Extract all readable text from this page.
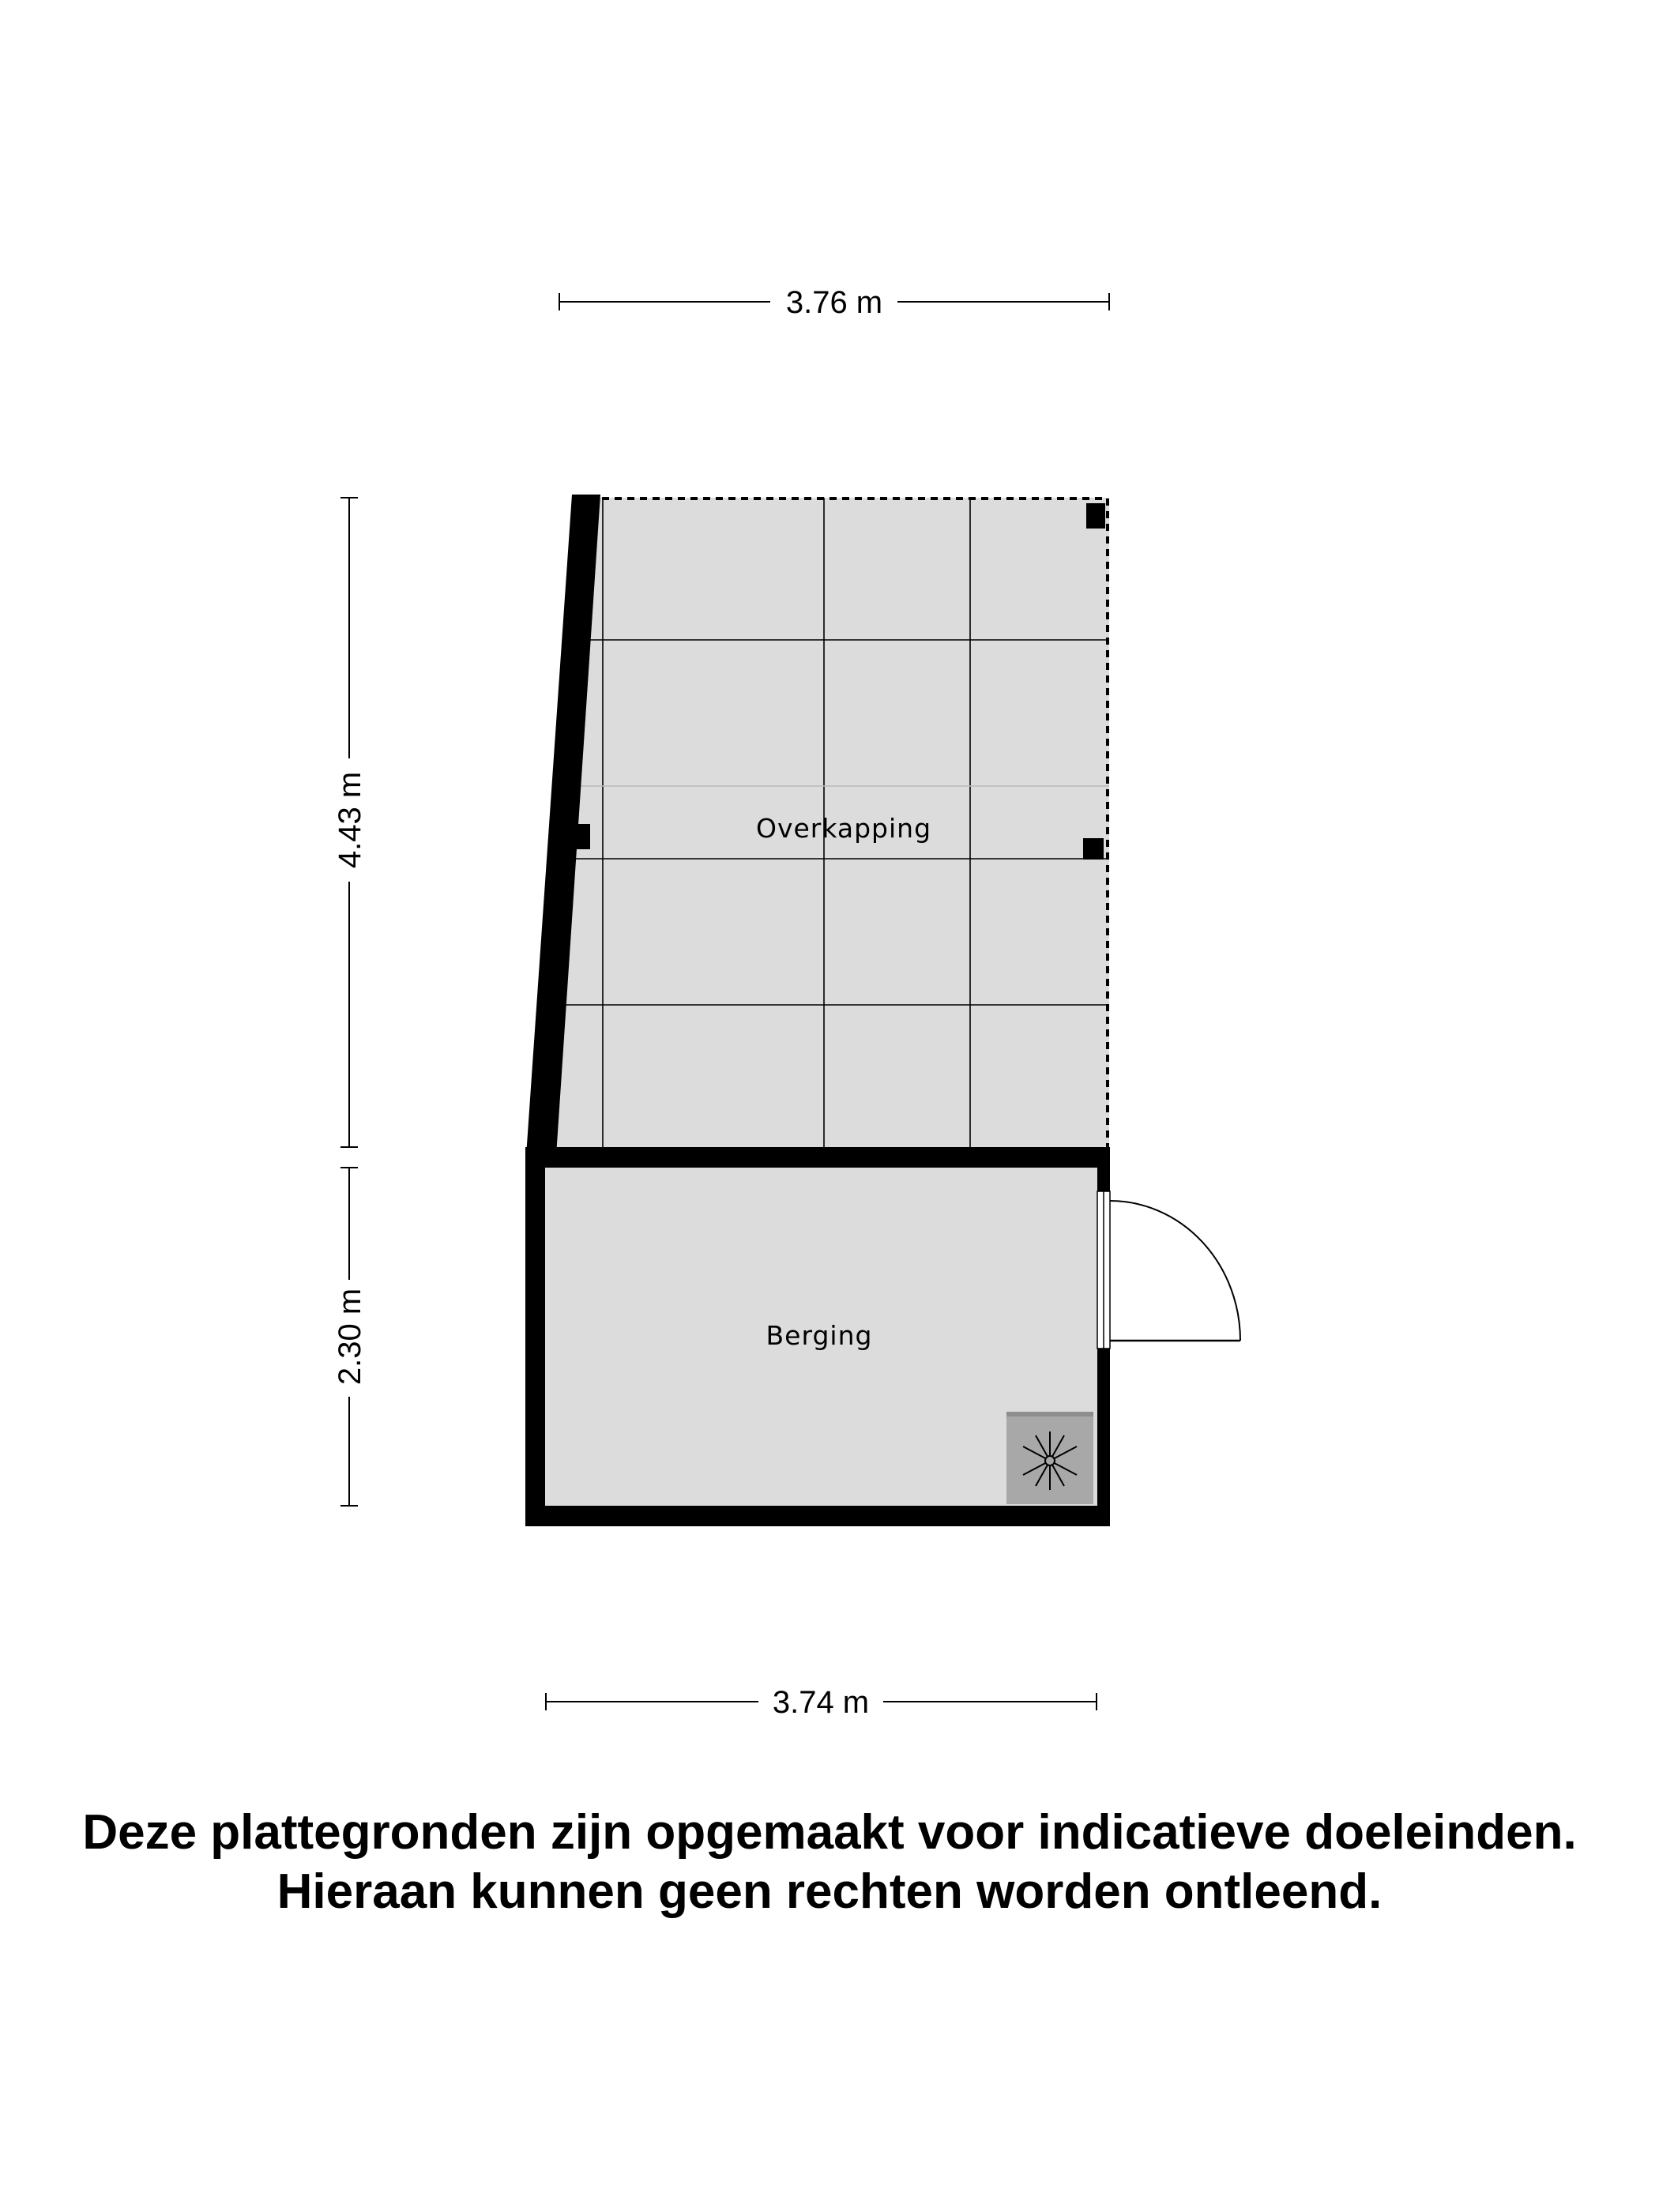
Overkapping
Berging
3.76 m
4.43 m
2.30 m
3.74 m
Deze plattegronden zijn opgemaakt voor indicatieve doeleinden.
Hieraan kunnen geen rechten worden ontleend.
